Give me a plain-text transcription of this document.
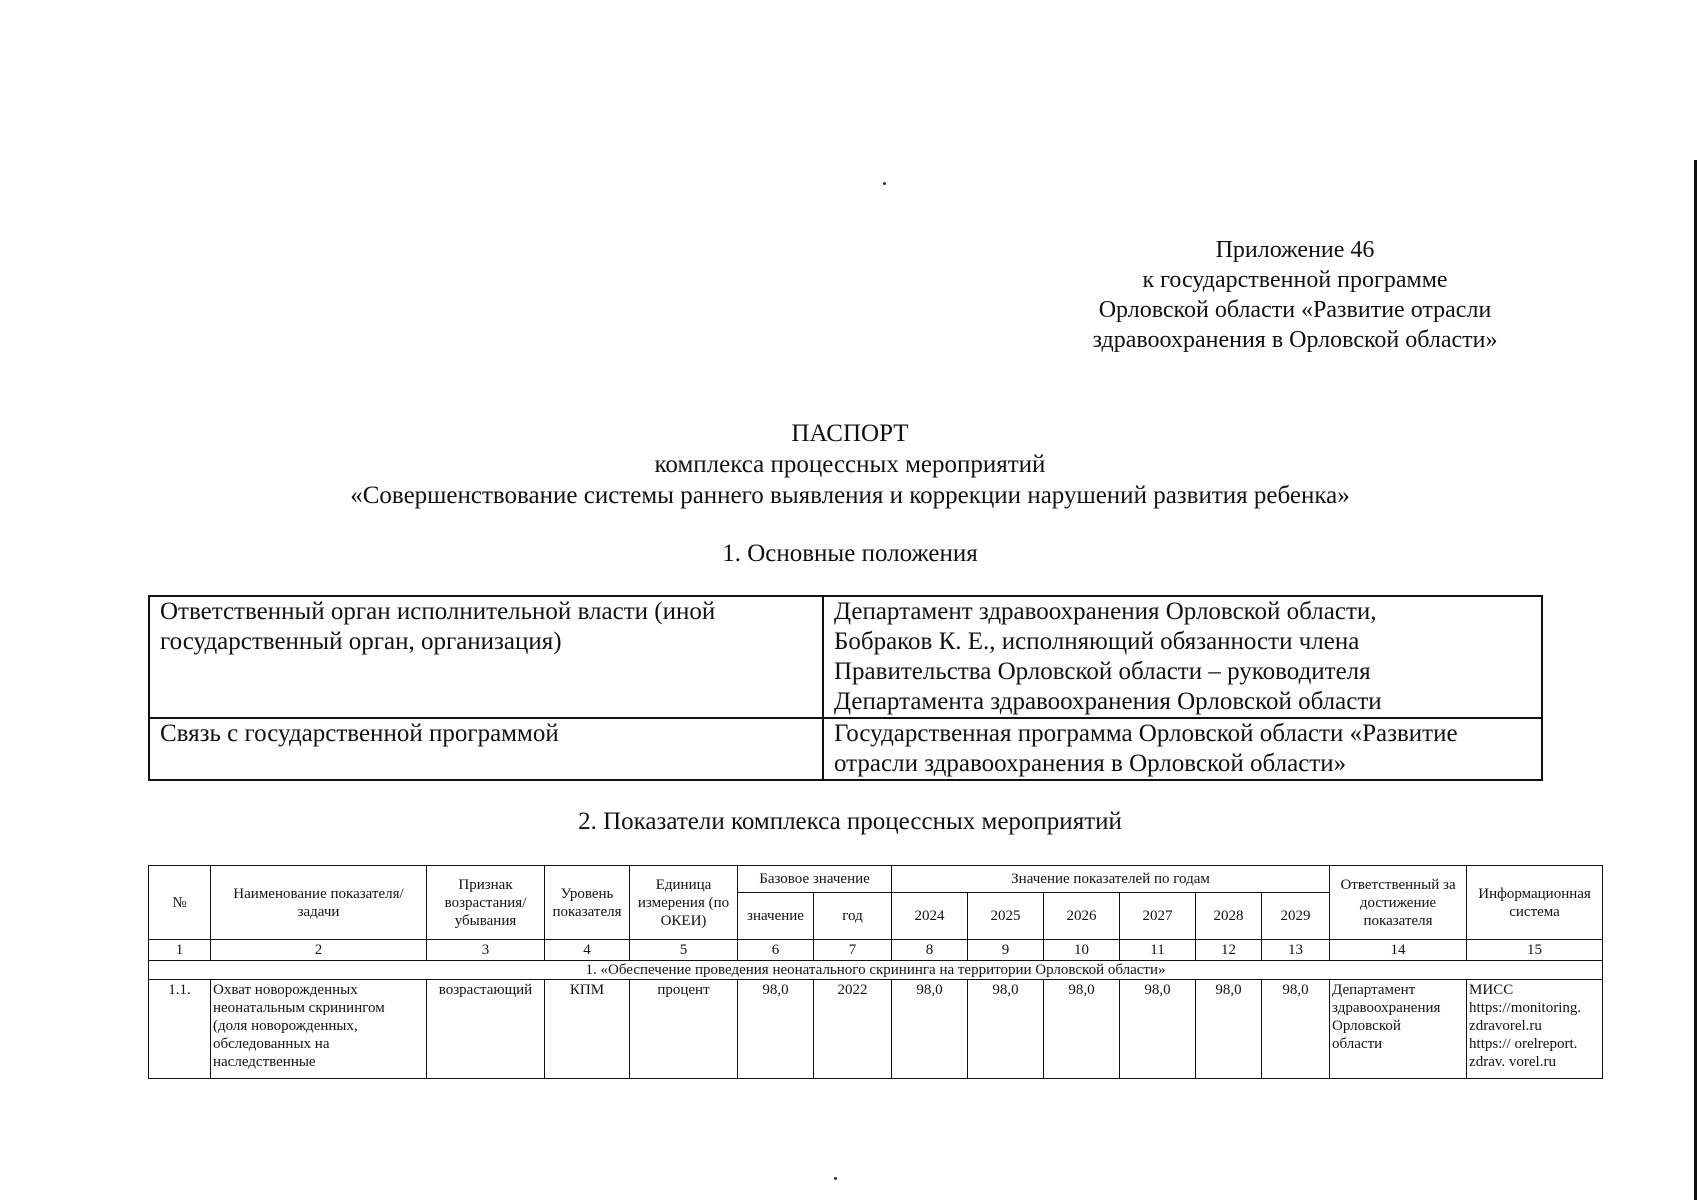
Приложение 46
к государственной программе
Орловской области «Развитие отрасли
здравоохранения в Орловской области»
ПАСПОРТ
комплекса процессных мероприятий
«Совершенствование системы раннего выявления и коррекции нарушений развития ребенка»
1. Основные положения
Ответственный орган исполнительной власти (иной
государственный орган, организация)	Департамент здравоохранения Орловской области,
Бобраков К. Е., исполняющий обязанности члена
Правительства Орловской области – руководителя
Департамента здравоохранения Орловской области

Связь с государственной программой	Государственная программа Орловской области «Развитие
отрасли здравоохранения в Орловской области»
2. Показатели комплекса процессных мероприятий
№	Наименование показателя/задачи	Признак возрастания/ убывания	Уровень показателя	Единица измерения (по ОКЕИ)	Базовое значение		Значение показателей по годам						Ответственный за достижение показателя	Информационная система
					значение	год	2024	2025	2026	2027	2028	2029		
1	2	3	4	5	6	7	8	9	10	11	12	13	14	15
1. «Обеспечение проведения неонатального скрининга на территории Орловской области»														
1.1.	Охват новорожденных
неонатальным скринингом
(доля новорожденных,
обследованных на
наследственные	возрастающий	КПМ	процент	98,0	2022	98,0	98,0	98,0	98,0	98,0	98,0	Департамент
здравоохранения
Орловской
области	МИСС
https://monitoring.
zdravorel.ru
https:// orelreport.
zdrav. vorel.ru
